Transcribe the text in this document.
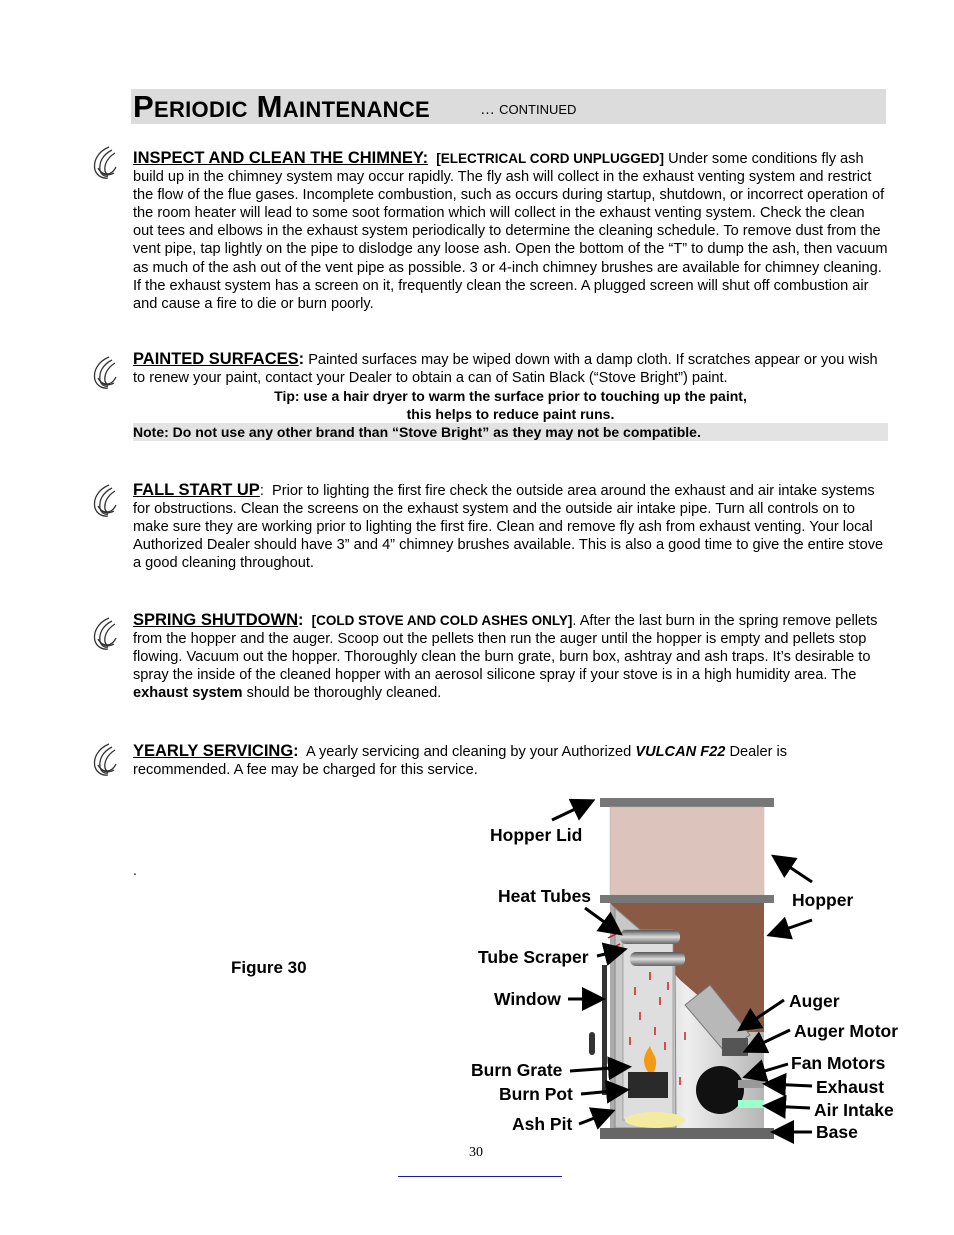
Periodic Maintenance	… CONTINUED

INSPECT AND CLEAN THE CHIMNEY: [ELECTRICAL CORD UNPLUGGED] Under some conditions fly ash build up in the chimney system may occur rapidly. The fly ash will collect in the exhaust venting system and restrict the flow of the flue gases. Incomplete combustion, such as occurs during startup, shutdown, or incorrect operation of the room heater will lead to some soot formation which will collect in the exhaust venting system. Check the clean out tees and elbows in the exhaust system periodically to determine the cleaning schedule. To remove dust from the vent pipe, tap lightly on the pipe to dislodge any loose ash. Open the bottom of the “T” to dump the ash, then vacuum as much of the ash out of the vent pipe as possible. 3 or 4-inch chimney brushes are available for chimney cleaning. If the exhaust system has a screen on it, frequently clean the screen. A plugged screen will shut off combustion air and cause a fire to die or burn poorly.

PAINTED SURFACES: Painted surfaces may be wiped down with a damp cloth. If scratches appear or you wish to renew your paint, contact your Dealer to obtain a can of Satin Black (“Stove Bright”) paint.

Tip: use a hair dryer to warm the surface prior to touching up the paint,

this helps to reduce paint runs.

Note: Do not use any other brand than “Stove Bright” as they may not be compatible.

FALL START UP: Prior to lighting the first fire check the outside area around the exhaust and air intake systems for obstructions. Clean the screens on the exhaust system and the outside air intake pipe. Turn all controls on to make sure they are working prior to lighting the first fire. Clean and remove fly ash from exhaust venting. Your local Authorized Dealer should have 3” and 4” chimney brushes available. This is also a good time to give the entire stove a good cleaning throughout.

SPRING SHUTDOWN: [COLD STOVE AND COLD ASHES ONLY]. After the last burn in the spring remove pellets from the hopper and the auger. Scoop out the pellets then run the auger until the hopper is empty and pellets stop flowing. Vacuum out the hopper. Thoroughly clean the burn grate, burn box, ashtray and ash traps. It’s desirable to spray the inside of the cleaned hopper with an aerosol silicone spray if your stove is in a high humidity area. The exhaust system should be thoroughly cleaned.

YEARLY SERVICING: A yearly servicing and cleaning by your Authorized VULCAN F22 Dealer is recommended. A fee may be charged for this service.

.
Figure 30
Hopper Lid
Heat Tubes
Tube Scraper
Window
Burn Grate
Burn Pot
Ash Pit
Hopper
Auger
Auger Motor
Fan Motors
Exhaust
Air Intake
Base
30
